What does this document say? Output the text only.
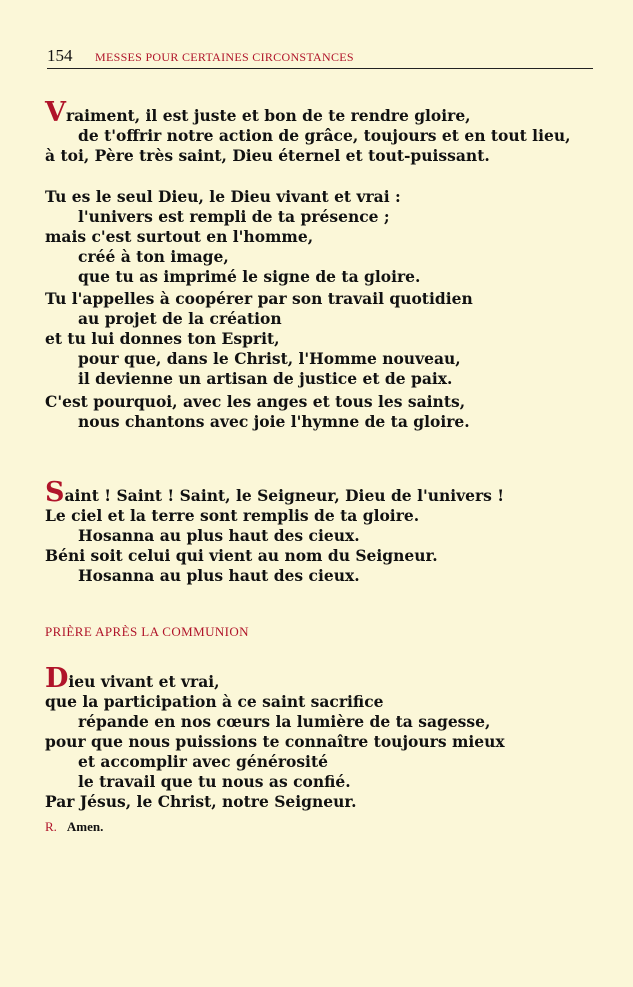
154 MESSES POUR CERTAINES CIRCONSTANCES
Vraiment, il est juste et bon de te rendre gloire,
de t'offrir notre action de grâce, toujours et en tout lieu,
à toi, Père très saint, Dieu éternel et tout-puissant.
Tu es le seul Dieu, le Dieu vivant et vrai :
l'univers est rempli de ta présence ;
mais c'est surtout en l'homme,
créé à ton image,
que tu as imprimé le signe de ta gloire.
Tu l'appelles à coopérer par son travail quotidien
au projet de la création
et tu lui donnes ton Esprit,
pour que, dans le Christ, l'Homme nouveau,
il devienne un artisan de justice et de paix.
C'est pourquoi, avec les anges et tous les saints,
nous chantons avec joie l'hymne de ta gloire.
Saint ! Saint ! Saint, le Seigneur, Dieu de l'univers !
Le ciel et la terre sont remplis de ta gloire.
Hosanna au plus haut des cieux.
Béni soit celui qui vient au nom du Seigneur.
Hosanna au plus haut des cieux.
PRIÈRE APRÈS LA COMMUNION
Dieu vivant et vrai,
que la participation à ce saint sacrifice
répande en nos cœurs la lumière de ta sagesse,
pour que nous puissions te connaître toujours mieux
et accomplir avec générosité
le travail que tu nous as confié.
Par Jésus, le Christ, notre Seigneur.
R. Amen.
